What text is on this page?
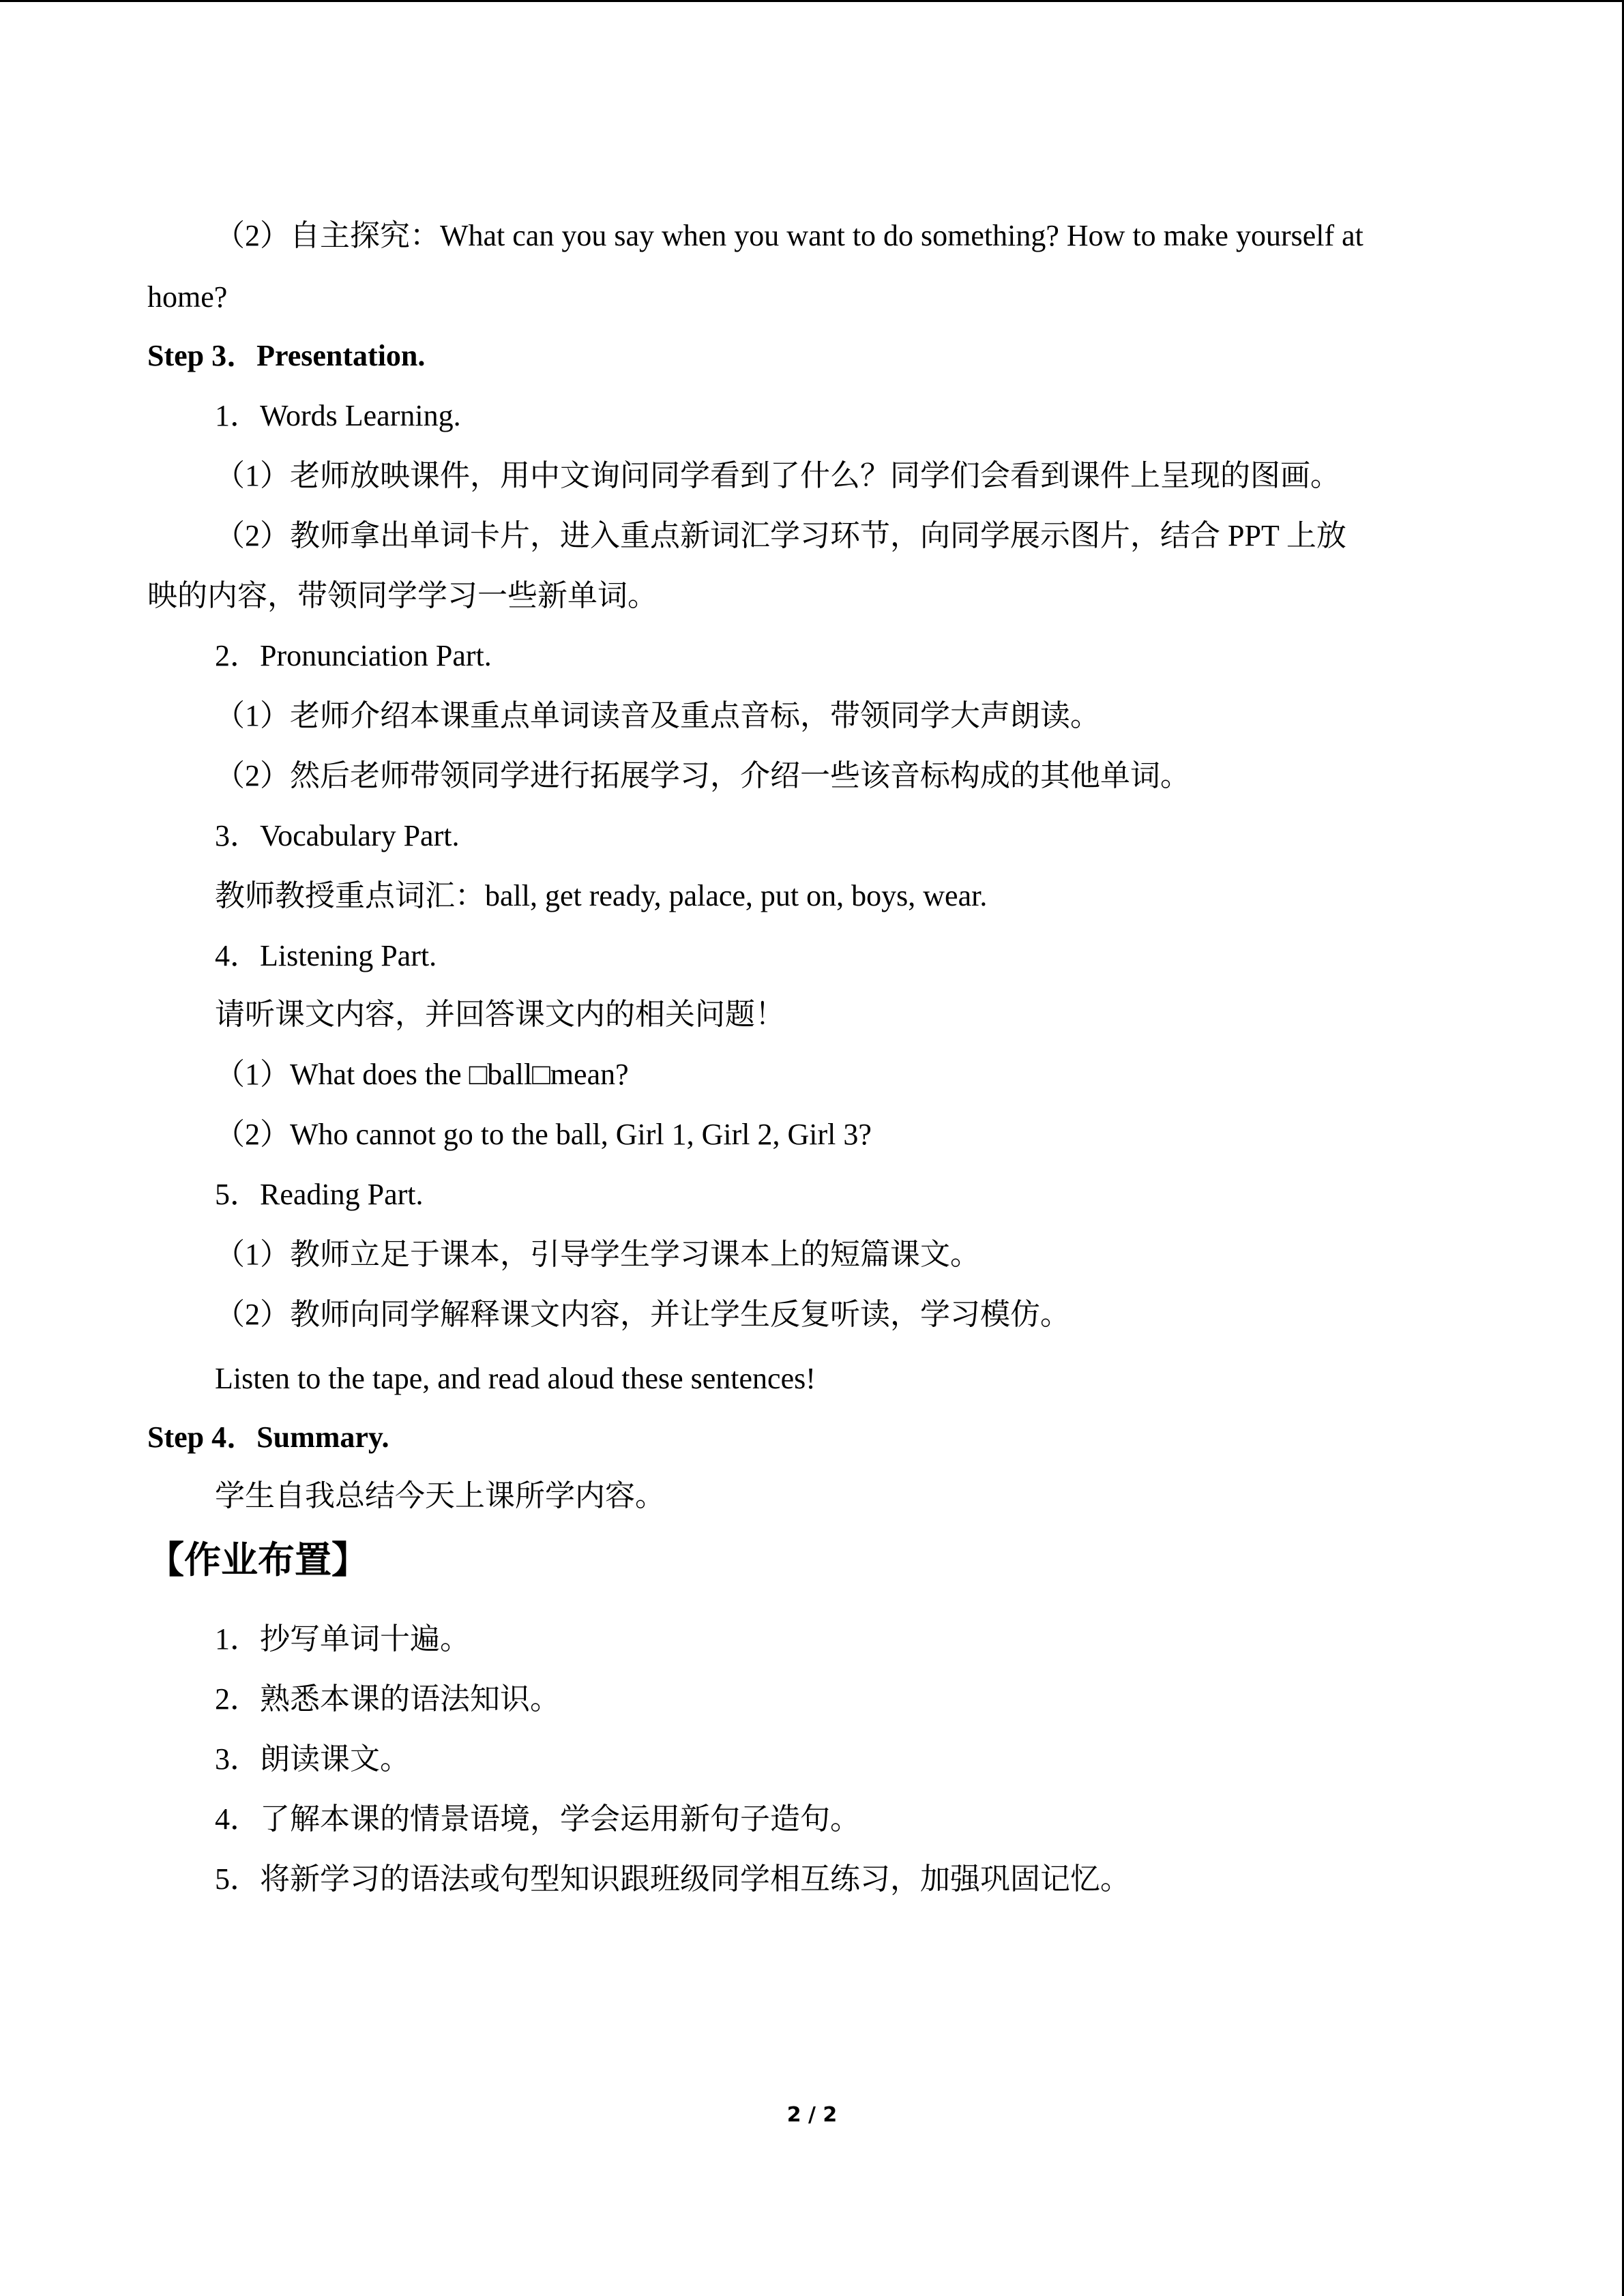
（2）自主探究：What can you say when you want to do something? How to make yourself at
home?
Step 3．Presentation.
1．Words Learning.
（1）老师放映课件，用中文询问同学看到了什么？同学们会看到课件上呈现的图画。
（2）教师拿出单词卡片，进入重点新词汇学习环节，向同学展示图片，结合 PPT 上放
映的内容，带领同学学习一些新单词。
2．Pronunciation Part.
（1）老师介绍本课重点单词读音及重点音标，带领同学大声朗读。
（2）然后老师带领同学进行拓展学习，介绍一些该音标构成的其他单词。
3．Vocabulary Part.
教师教授重点词汇：ball, get ready, palace, put on, boys, wear.
4．Listening Part.
请听课文内容，并回答课文内的相关问题！
（1）What does the □ball□mean?
（2）Who cannot go to the ball, Girl 1, Girl 2, Girl 3?
5．Reading Part.
（1）教师立足于课本，引导学生学习课本上的短篇课文。
（2）教师向同学解释课文内容，并让学生反复听读，学习模仿。
Listen to the tape, and read aloud these sentences!
Step 4．Summary.
学生自我总结今天上课所学内容。
【作业布置】
1．抄写单词十遍。
2．熟悉本课的语法知识。
3．朗读课文。
4．了解本课的情景语境，学会运用新句子造句。
5．将新学习的语法或句型知识跟班级同学相互练习，加强巩固记忆。
2 / 2
